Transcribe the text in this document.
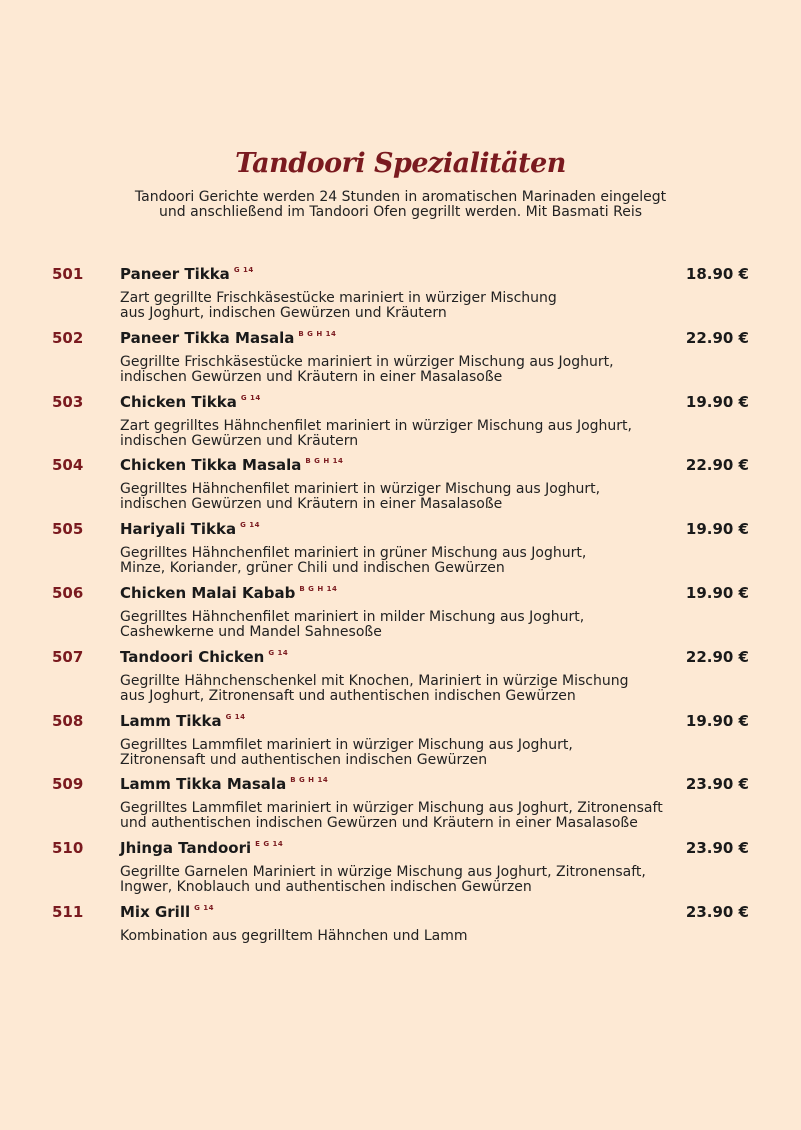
Tandoori Spezialitäten
Tandoori Gerichte werden 24 Stunden in aromatischen Marinaden eingelegt
und anschließend im Tandoori Ofen gegrillt werden. Mit Basmati Reis
501 Paneer Tikka $^{G 14}$	18.90 €
Zart gegrillte Frischkäsestücke mariniert in würziger Mischung
aus Joghurt, indischen Gewürzen und Kräutern
502 Paneer Tikka Masala $^{B G H 14}$	22.90 €
Gegrillte Frischkäsestücke mariniert in würziger Mischung aus Joghurt,
indischen Gewürzen und Kräutern in einer Masalasoße
503 Chicken Tikka $^{G 14}$	19.90 €
Zart gegrilltes Hähnchenfilet mariniert in würziger Mischung aus Joghurt,
indischen Gewürzen und Kräutern
504 Chicken Tikka Masala $^{B G H 14}$	22.90 €
Gegrilltes Hähnchenfilet mariniert in würziger Mischung aus Joghurt,
indischen Gewürzen und Kräutern in einer Masalasoße
505 Hariyali Tikka $^{G 14}$	19.90 €
Gegrilltes Hähnchenfilet mariniert in grüner Mischung aus Joghurt,
Minze, Koriander, grüner Chili und indischen Gewürzen
506 Chicken Malai Kabab $^{B G H 14}$	19.90 €
Gegrilltes Hähnchenfilet mariniert in milder Mischung aus Joghurt,
Cashewkerne und Mandel Sahnesoße
507 Tandoori Chicken $^{G 14}$	22.90 €
Gegrillte Hähnchenschenkel mit Knochen, Mariniert in würzige Mischung
aus Joghurt, Zitronensaft und authentischen indischen Gewürzen
508 Lamm Tikka $^{G 14}$	19.90 €
Gegrilltes Lammfilet mariniert in würziger Mischung aus Joghurt,
Zitronensaft und authentischen indischen Gewürzen
509 Lamm Tikka Masala $^{B G H 14}$	23.90 €
Gegrilltes Lammfilet mariniert in würziger Mischung aus Joghurt, Zitronensaft
und authentischen indischen Gewürzen und Kräutern in einer Masalasoße
510 Jhinga Tandoori $^{E G 14}$	23.90 €
Gegrillte Garnelen Mariniert in würzige Mischung aus Joghurt, Zitronensaft,
Ingwer, Knoblauch und authentischen indischen Gewürzen
511 Mix Grill $^{G 14}$	23.90 €
Kombination aus gegrilltem Hähnchen und Lamm
